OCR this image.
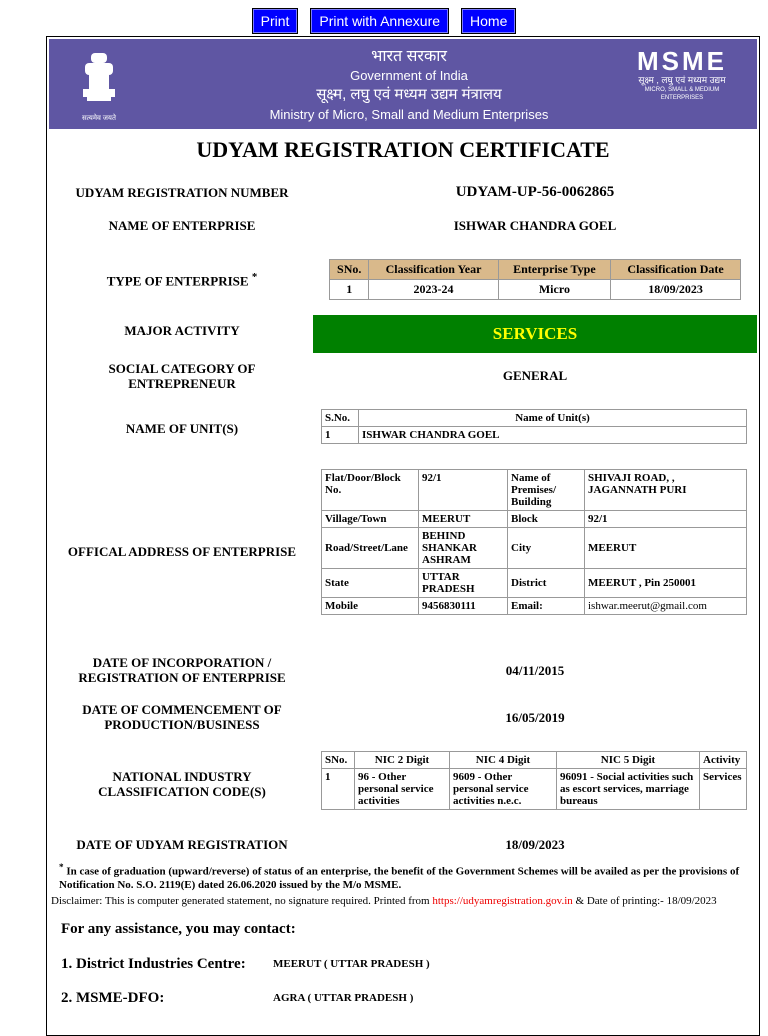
Print Print with Annexure Home
सत्यमेव जयते
भारत सरकार
Government of India
सूक्ष्म, लघु एवं मध्यम उद्यम मंत्रालय
Ministry of Micro, Small and Medium Enterprises
MSME
सूक्ष्म , लघु एवं मध्यम उद्यम
MICRO, SMALL & MEDIUM ENTERPRISES
UDYAM REGISTRATION CERTIFICATE
UDYAM REGISTRATION NUMBER	UDYAM-UP-56-0062865
NAME OF ENTERPRISE	ISHWAR CHANDRA GOEL
TYPE OF ENTERPRISE *
SNo.	Classification Year	Enterprise Type	Classification Date
1	2023-24	Micro	18/09/2023
MAJOR ACTIVITY	SERVICES
SOCIAL CATEGORY OF
ENTREPRENEUR
GENERAL
NAME OF UNIT(S)
S.No.	Name of Unit(s)
1	ISHWAR CHANDRA GOEL
OFFICAL ADDRESS OF ENTERPRISE
Flat/Door/Block No.	92/1	Name of Premises/ Building	SHIVAJI ROAD, , JAGANNATH PURI
Village/Town	MEERUT	Block	92/1
Road/Street/Lane	BEHIND SHANKAR ASHRAM	City	MEERUT
State	UTTAR PRADESH	District	MEERUT , Pin 250001
Mobile	9456830111	Email:	ishwar.meerut@gmail.com
DATE OF INCORPORATION /
REGISTRATION OF ENTERPRISE	04/11/2015
DATE OF COMMENCEMENT OF
PRODUCTION/BUSINESS	16/05/2019
NATIONAL INDUSTRY
CLASSIFICATION CODE(S)
SNo.	NIC 2 Digit	NIC 4 Digit	NIC 5 Digit	Activity
1	96 - Other personal service activities	9609 - Other personal service activities n.e.c.	96091 - Social activities such as escort services, marriage bureaus	Services
DATE OF UDYAM REGISTRATION	18/09/2023
* In case of graduation (upward/reverse) of status of an enterprise, the benefit of the Government Schemes will be availed as per the provisions of Notification No. S.O. 2119(E) dated 26.06.2020 issued by the M/o MSME.
Disclaimer: This is computer generated statement, no signature required. Printed from https://udyamregistration.gov.in & Date of printing:- 18/09/2023
For any assistance, you may contact:
1. District Industries Centre: MEERUT ( UTTAR PRADESH )
2. MSME-DFO:	AGRA ( UTTAR PRADESH )
